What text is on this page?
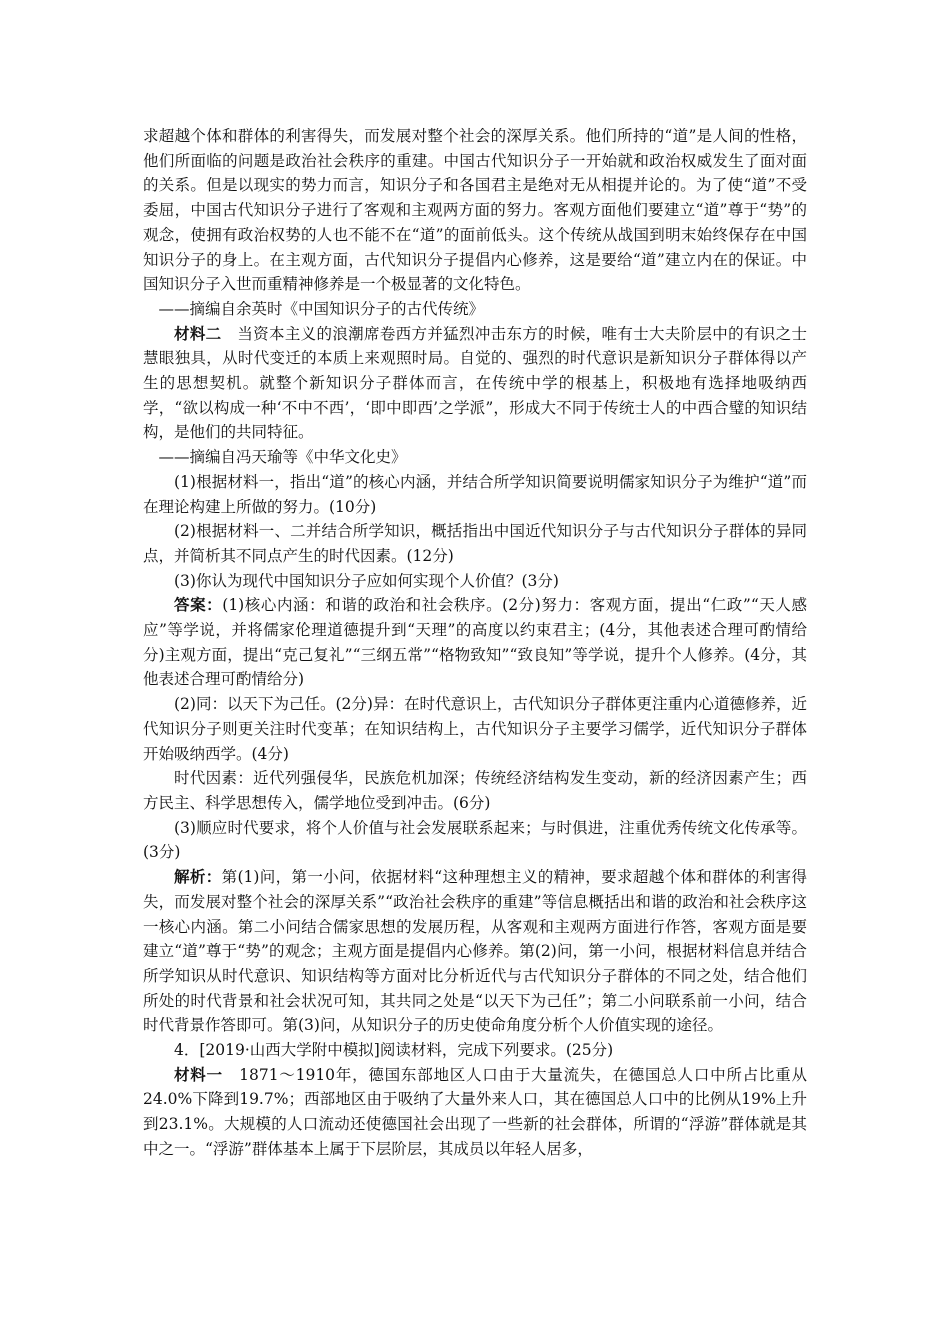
求超越个体和群体的利害得失，而发展对整个社会的深厚关系。他们所持的“道”是人间的性格，他们所面临的问题是政治社会秩序的重建。中国古代知识分子一开始就和政治权威发生了面对面的关系。但是以现实的势力而言，知识分子和各国君主是绝对无从相提并论的。为了使“道”不受委屈，中国古代知识分子进行了客观和主观两方面的努力。客观方面他们要建立“道”尊于“势”的观念，使拥有政治权势的人也不能不在“道”的面前低头。这个传统从战国到明末始终保存在中国知识分子的身上。在主观方面，古代知识分子提倡内心修养，这是要给“道”建立内在的保证。中国知识分子入世而重精神修养是一个极显著的文化特色。

——摘编自余英时《中国知识分子的古代传统》

材料二　 当资本主义的浪潮席卷西方并猛烈冲击东方的时候，唯有士大夫阶层中的有识之士慧眼独具，从时代变迁的本质上来观照时局。自觉的、强烈的时代意识是新知识分子群体得以产生的思想契机。就整个新知识分子群体而言，在传统中学的根基上，积极地有选择地吸纳西学，“欲以构成一种‘不中不西’，‘即中即西’之学派”，形成大不同于传统士人的中西合璧的知识结构，是他们的共同特征。

——摘编自冯天瑜等《中华文化史》

(1)根据材料一，指出“道”的核心内涵，并结合所学知识简要说明儒家知识分子为维护“道”而在理论构建上所做的努力。(10分)

(2)根据材料一、二并结合所学知识，概括指出中国近代知识分子与古代知识分子群体的异同点，并简析其不同点产生的时代因素。(12分)

(3)你认为现代中国知识分子应如何实现个人价值？(3分)

答案：(1)核心内涵：和谐的政治和社会秩序。(2分)努力：客观方面，提出“仁政”“天人感应”等学说，并将儒家伦理道德提升到“天理”的高度以约束君主；(4分，其他表述合理可酌情给分)主观方面，提出“克己复礼”“三纲五常”“格物致知”“致良知”等学说，提升个人修养。(4分，其他表述合理可酌情给分)

(2)同：以天下为己任。(2分)异：在时代意识上，古代知识分子群体更注重内心道德修养，近代知识分子则更关注时代变革；在知识结构上，古代知识分子主要学习儒学，近代知识分子群体开始吸纳西学。(4分)

时代因素：近代列强侵华，民族危机加深；传统经济结构发生变动，新的经济因素产生；西方民主、科学思想传入，儒学地位受到冲击。(6分)

(3)顺应时代要求，将个人价值与社会发展联系起来；与时俱进，注重优秀传统文化传承等。(3分)

解析：第(1)问，第一小问，依据材料“这种理想主义的精神，要求超越个体和群体的利害得失，而发展对整个社会的深厚关系”“政治社会秩序的重建”等信息概括出和谐的政治和社会秩序这一核心内涵。第二小问结合儒家思想的发展历程，从客观和主观两方面进行作答，客观方面是要建立“道”尊于“势”的观念；主观方面是提倡内心修养。第(2)问，第一小问，根据材料信息并结合所学知识从时代意识、知识结构等方面对比分析近代与古代知识分子群体的不同之处，结合他们所处的时代背景和社会状况可知，其共同之处是“以天下为己任”；第二小问联系前一小问，结合时代背景作答即可。第(3)问，从知识分子的历史使命角度分析个人价值实现的途径。

4．[2019·山西大学附中模拟]阅读材料，完成下列要求。(25分)

材料一　 1871～1910年，德国东部地区人口由于大量流失，在德国总人口中所占比重从24.0%下降到19.7%；西部地区由于吸纳了大量外来人口，其在德国总人口中的比例从19%上升到23.1%。大规模的人口流动还使德国社会出现了一些新的社会群体，所谓的“浮游”群体就是其中之一。“浮游”群体基本上属于下层阶层，其成员以年轻人居多，
